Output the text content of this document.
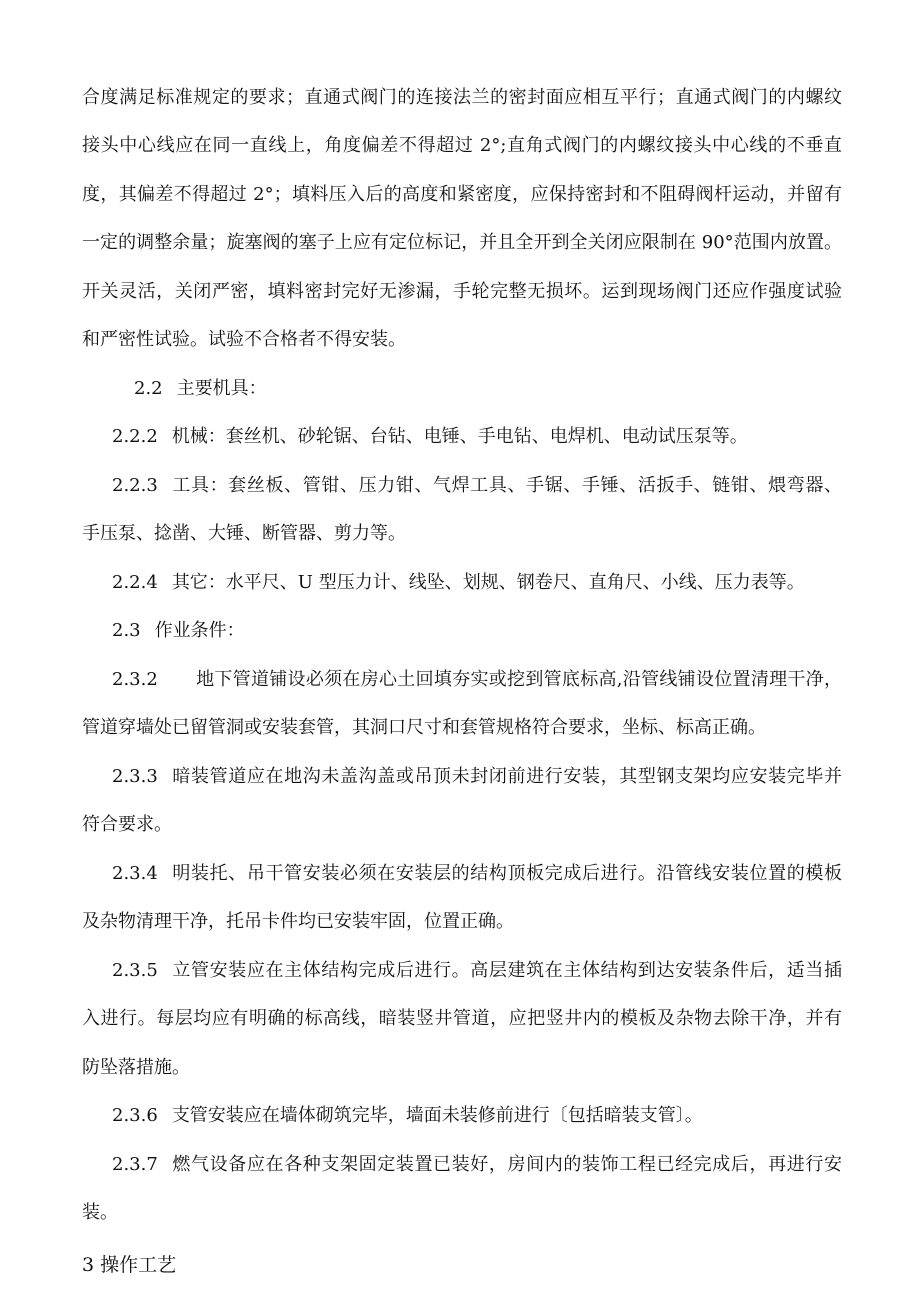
合度满足标准规定的要求；直通式阀门的连接法兰的密封面应相互平行；直通式阀门的内螺纹
接头中心线应在同一直线上，角度偏差不得超过 2°;直角式阀门的内螺纹接头中心线的不垂直
度，其偏差不得超过 2°；填料压入后的高度和紧密度，应保持密封和不阻碍阀杆运动，并留有
一定的调整余量；旋塞阀的塞子上应有定位标记，并且全开到全关闭应限制在 90°范围内放置。
开关灵活，关闭严密，填料密封完好无渗漏，手轮完整无损坏。运到现场阀门还应作强度试验
和严密性试验。试验不合格者不得安装。
2.2 主要机具：
2.2.2 机械：套丝机、砂轮锯、台钻、电锤、手电钻、电焊机、电动试压泵等。
2.2.3 工具：套丝板、管钳、压力钳、气焊工具、手锯、手锤、活扳手、链钳、煨弯器、
手压泵、捻凿、大锤、断管器、剪力等。
2.2.4 其它：水平尺、U 型压力计、线坠、划规、钢卷尺、直角尺、小线、压力表等。
2.3 作业条件：
2.3.2 地下管道铺设必须在房心土回填夯实或挖到管底标高,沿管线铺设位置清理干净，
管道穿墙处已留管洞或安装套管，其洞口尺寸和套管规格符合要求，坐标、标高正确。
2.3.3 暗装管道应在地沟未盖沟盖或吊顶未封闭前进行安装，其型钢支架均应安装完毕并
符合要求。
2.3.4 明装托、吊干管安装必须在安装层的结构顶板完成后进行。沿管线安装位置的模板
及杂物清理干净，托吊卡件均已安装牢固，位置正确。
2.3.5 立管安装应在主体结构完成后进行。高层建筑在主体结构到达安装条件后，适当插
入进行。每层均应有明确的标高线，暗装竖井管道，应把竖井内的模板及杂物去除干净，并有
防坠落措施。
2.3.6 支管安装应在墙体砌筑完毕，墙面未装修前进行〔包括暗装支管〕。
2.3.7 燃气设备应在各种支架固定装置已装好，房间内的装饰工程已经完成后，再进行安
装。
3 操作工艺
